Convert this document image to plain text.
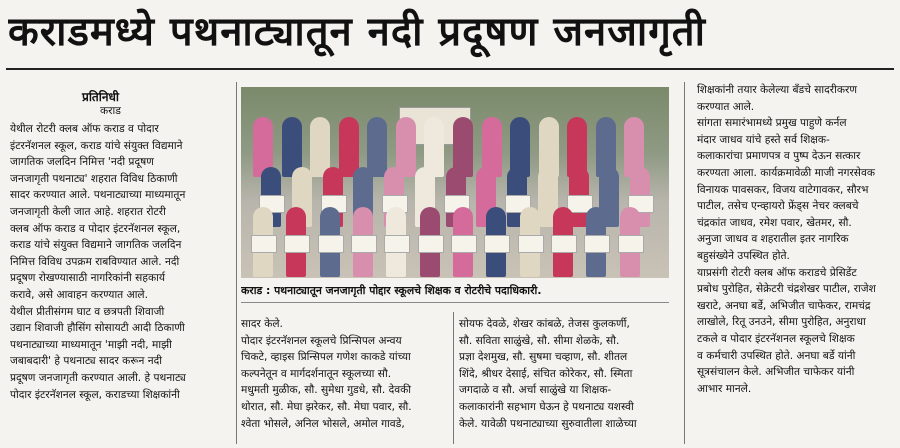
कराडमध्ये पथनाट्यातून नदी प्रदूषण जनजागृती
प्रतिनिधी
कराड
येथील रोटरी क्लब ऑफ कराड व पोदार
इंटरनॅशनल स्कूल, कराड यांचे संयुक्त विद्यमाने
जागतिक जलदिन निमित्त 'नदी प्रदूषण
जनजागृती पथनाट्य' शहरात विविध ठिकाणी
सादर करण्यात आले. पथनाट्याच्या माध्यमातून
जनजागृती केली जात आहे. शहरात रोटरी
क्लब ऑफ कराड व पोदार इंटरनॅशनल स्कूल,
कराड यांचे संयुक्त विद्यमाने जागतिक जलदिन
निमित्त विविध उपक्रम राबविण्यात आले. नदी
प्रदूषण रोखण्यासाठी नागरिकांनी सहकार्य
करावे, असे आवाहन करण्यात आले.
येथील प्रीतीसंगम घाट व छत्रपती शिवाजी
उद्यान शिवाजी हौसिंग सोसायटी आदी ठिकाणी
पथनाट्याच्या माध्यमातून 'माझी नदी, माझी
जबाबदारी' हे पथनाट्य सादर करून नदी
प्रदूषण जनजागृती करण्यात आली. हे पथनाट्य
पोदार इंटरनॅशनल स्कूल, कराडच्या शिक्षकांनी
कराड : पथनाट्यातून जनजागृती पोद्दार स्कूलचे शिक्षक व रोटरीचे पदाधिकारी.
सादर केले.
पोदार इंटरनॅशनल स्कूलचे प्रिन्सिपल अन्वय
चिकटे, व्हाइस प्रिन्सिपल गणेश काकडे यांच्या
कल्पनेतून व मार्गदर्शनातून स्कूलच्या सौ.
मधुमती मुळीक, सौ. सुमेधा गुडधे, सौ. देवकी
थोरात, सौ. मेघा झरेकर, सौ. मेघा पवार, सौ.
श्वेता भोसले, अनिल भोसले, अमोल गावडे,
सोयफ देवळे, शेखर कांबळे, तेजस कुलकर्णी,
सौ. सविता साळुंखे, सौ. सीमा शेळके, सौ.
प्रज्ञा देशमुख, सौ. सुषमा चव्हाण, सौ. शीतल
शिंदे, श्रीधर देसाई, संचित कोरेकर, सौ. स्मिता
जगदाळे व सौ. अर्चा साळुंखे या शिक्षक-
कलाकारांनी सहभाग घेऊन हे पथनाट्य यशस्वी
केले. यावेळी पथनाट्याच्या सुरुवातीला शाळेच्या
शिक्षकांनी तयार केलेल्या बँडचे सादरीकरण
करण्यात आले.
सांगता समारंभामध्ये प्रमुख पाहुणे कर्नल
मंदार जाधव यांचे हस्ते सर्व शिक्षक-
कलाकारांचा प्रमाणपत्र व पुष्प देऊन सत्कार
करण्यता आला. कार्यक्रमावेळी माजी नगरसेवक
विनायक पावसकर, विजय वाटेगावकर, सौरभ
पाटील, तसेच एन्व्हायरो फ्रेंड्स नेचर क्लबचे
चंद्रकांत जाधव, रमेश पवार, खेतमर, सौ.
अनुजा जाधव व शहरातील इतर नागरिक
बहुसंख्येने उपस्थित होते.
याप्रसंगी रोटरी क्लब ऑफ कराडचे प्रेसिडेंट
प्रबोध पुरोहित, सेक्रेटरी चंद्रशेखर पाटील, राजेश
खराटे, अनघा बर्डे, अभिजीत चाफेकर, रामचंद्र
लाखोले, रितू उनउने, सीमा पुरोहित, अनुराधा
टकले व पोदार इंटरनॅशनल स्कूलचे शिक्षक
व कर्मचारी उपस्थित होते. अनघा बर्डे यांनी
सूत्रसंचालन केले. अभिजीत चाफेकर यांनी
आभार मानले.
